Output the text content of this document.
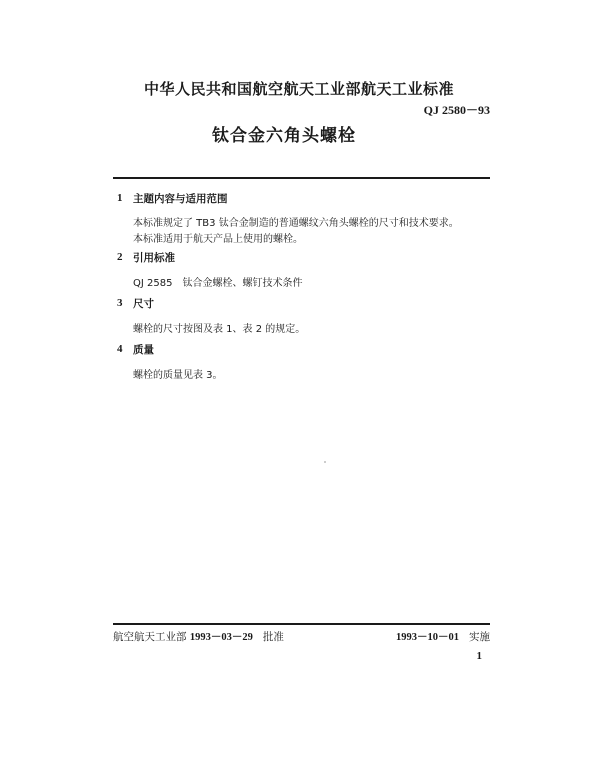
中华人民共和国航空航天工业部航天工业标准
QJ 2580－93
钛合金六角头螺栓
1 主题内容与适用范围
本标准规定了 TB3 钛合金制造的普通螺纹六角头螺栓的尺寸和技术要求。
本标准适用于航天产品上使用的螺栓。
2 引用标准
QJ 2585　钛合金螺栓、螺钉技术条件
3 尺寸
螺栓的尺寸按图及表 1、表 2 的规定。
4 质量
螺栓的质量见表 3。
航空航天工业部 1993－03－29 批准	1993－10－01 实施
1
